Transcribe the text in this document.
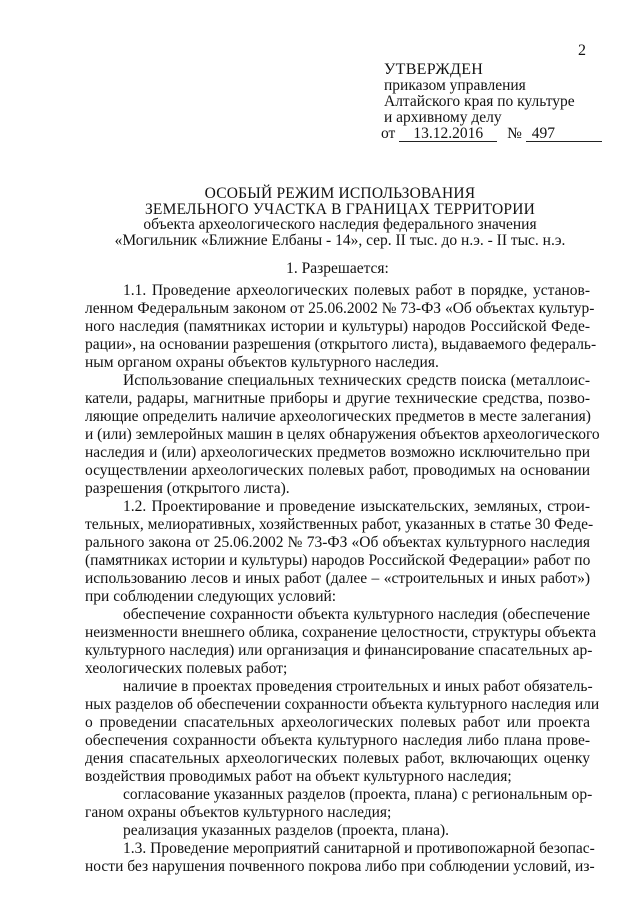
2
УТВЕРЖДЕН
приказом управления
Алтайского края по культуре
и архивному делу
от 13.12.2016 № 497
ОСОБЫЙ РЕЖИМ ИСПОЛЬЗОВАНИЯ
ЗЕМЕЛЬНОГО УЧАСТКА В ГРАНИЦАХ ТЕРРИТОРИИ
объекта археологического наследия федерального значения
«Могильник «Ближние Елбаны - 14», сер. II тыс. до н.э. - II тыс. н.э.
1. Разрешается:
1.1. Проведение археологических полевых работ в порядке, установ-
ленном Федеральным законом от 25.06.2002 № 73-ФЗ «Об объектах культур-
ного наследия (памятниках истории и культуры) народов Российской Феде-
рации», на основании разрешения (открытого листа), выдаваемого федераль-
ным органом охраны объектов культурного наследия.
Использование специальных технических средств поиска (металлоис-
катели, радары, магнитные приборы и другие технические средства, позво-
ляющие определить наличие археологических предметов в месте залегания)
и (или) землеройных машин в целях обнаружения объектов археологического
наследия и (или) археологических предметов возможно исключительно при
осуществлении археологических полевых работ, проводимых на основании
разрешения (открытого листа).
1.2. Проектирование и проведение изыскательских, земляных, строи-
тельных, мелиоративных, хозяйственных работ, указанных в статье 30 Феде-
рального закона от 25.06.2002 № 73-ФЗ «Об объектах культурного наследия
(памятниках истории и культуры) народов Российской Федерации» работ по
использованию лесов и иных работ (далее – «строительных и иных работ»)
при соблюдении следующих условий:
обеспечение сохранности объекта культурного наследия (обеспечение
неизменности внешнего облика, сохранение целостности, структуры объекта
культурного наследия) или организация и финансирование спасательных ар-
хеологических полевых работ;
наличие в проектах проведения строительных и иных работ обязатель-
ных разделов об обеспечении сохранности объекта культурного наследия или
о проведении спасательных археологических полевых работ или проекта
обеспечения сохранности объекта культурного наследия либо плана прове-
дения спасательных археологических полевых работ, включающих оценку
воздействия проводимых работ на объект культурного наследия;
согласование указанных разделов (проекта, плана) с региональным ор-
ганом охраны объектов культурного наследия;
реализация указанных разделов (проекта, плана).
1.3. Проведение мероприятий санитарной и противопожарной безопас-
ности без нарушения почвенного покрова либо при соблюдении условий, из-
